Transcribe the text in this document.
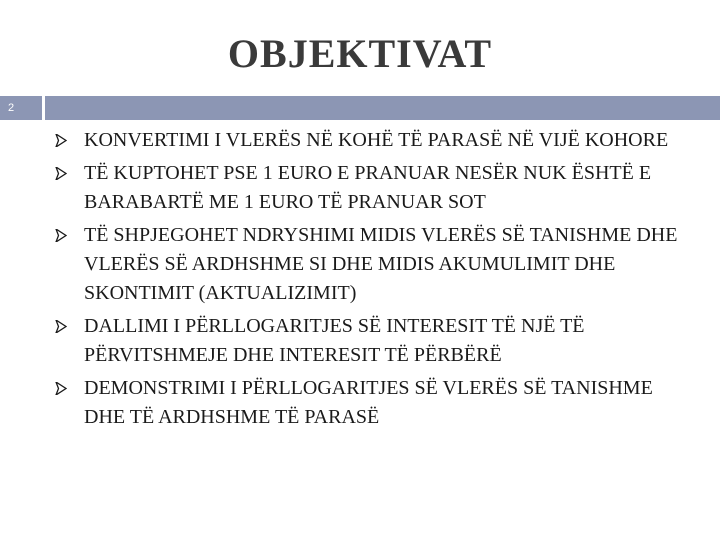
OBJEKTIVAT
2
KONVERTIMI I VLERËS NË KOHË TË PARASË NË VIJË KOHORE
TË KUPTOHET PSE 1 EURO E PRANUAR NESËR NUK ËSHTË E BARABARTË ME 1 EURO TË PRANUAR SOT
TË SHPJEGOHET NDRYSHIMI MIDIS VLERËS SË TANISHME DHE VLERËS SË ARDHSHME SI DHE MIDIS AKUMULIMIT DHE SKONTIMIT (AKTUALIZIMIT)
DALLIMI I PËRLLOGARITJES SË INTERESIT TË NJË TË PËRVITSHMEJE DHE INTERESIT TË PËRBËRË
DEMONSTRIMI I PËRLLOGARITJES SË VLERËS SË TANISHME DHE TË ARDHSHME TË PARASË
